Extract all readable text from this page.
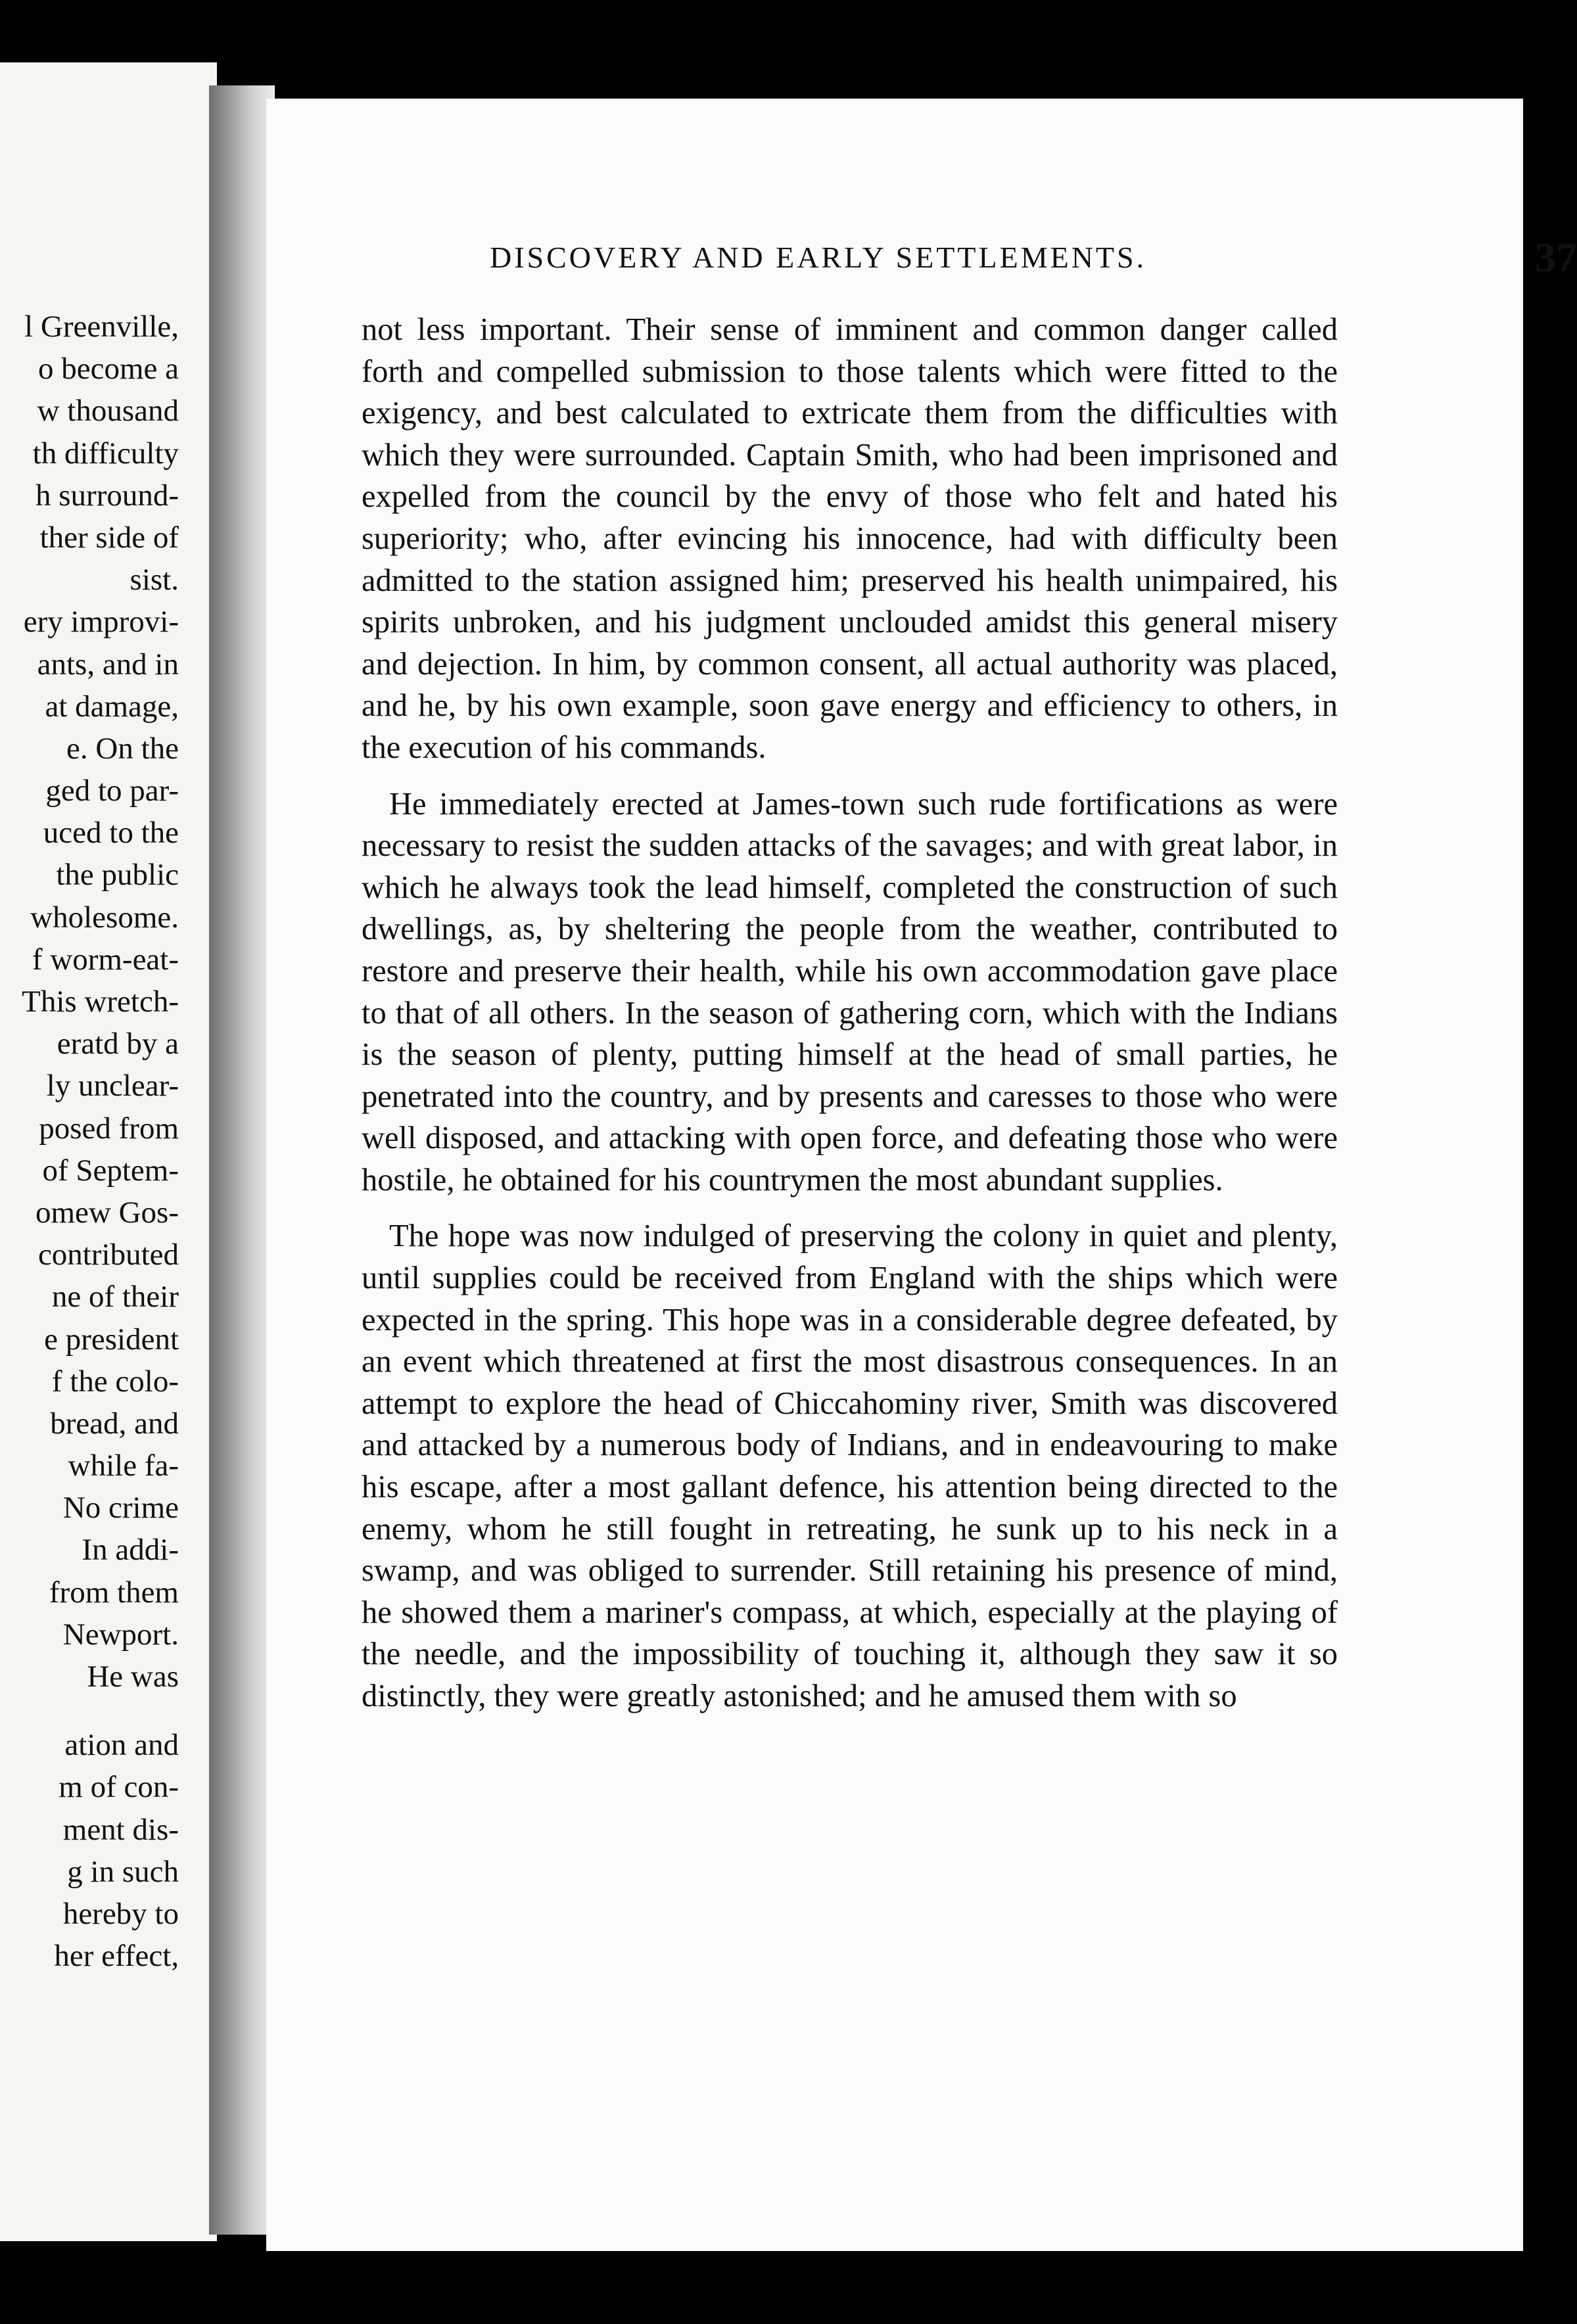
l Greenville,
o become a
w thousand
th difficulty
h surround-
ther side of
sist.
ery improvi-
ants, and in
at damage,
e. On the
ged to par-
uced to the
the public
wholesome.
f worm-eat-
This wretch-
eratd by a
ly unclear-
posed from
of Septem-
omew Gos-
contributed
ne of their
e president
f the colo-
bread, and
while fa-
No crime
In addi-
from them
Newport.
He was
ation and
m of con-
ment dis-
g in such
hereby to
her effect,
DISCOVERY AND EARLY SETTLEMENTS.	37

not less important. Their sense of imminent and common danger called forth and compelled submission to those talents which were fitted to the exigency, and best calculated to extricate them from the difficulties with which they were surrounded. Captain Smith, who had been imprisoned and expelled from the council by the envy of those who felt and hated his superiority; who, after evincing his innocence, had with difficulty been admitted to the station assigned him; preserved his health unimpaired, his spirits unbroken, and his judgment unclouded amidst this general misery and dejection. In him, by common consent, all actual authority was placed, and he, by his own example, soon gave energy and efficiency to others, in the execution of his commands.

He immediately erected at James-town such rude fortifications as were necessary to resist the sudden attacks of the savages; and with great labor, in which he always took the lead himself, completed the construction of such dwellings, as, by sheltering the people from the weather, contributed to restore and preserve their health, while his own accommodation gave place to that of all others. In the season of gathering corn, which with the Indians is the season of plenty, putting himself at the head of small parties, he penetrated into the country, and by presents and caresses to those who were well disposed, and attacking with open force, and defeating those who were hostile, he obtained for his countrymen the most abundant supplies.

The hope was now indulged of preserving the colony in quiet and plenty, until supplies could be received from England with the ships which were expected in the spring. This hope was in a considerable degree defeated, by an event which threatened at first the most disastrous consequences. In an attempt to explore the head of Chiccahominy river, Smith was discovered and attacked by a numerous body of Indians, and in endeavouring to make his escape, after a most gallant defence, his attention being directed to the enemy, whom he still fought in retreating, he sunk up to his neck in a swamp, and was obliged to surrender. Still retaining his presence of mind, he showed them a mariner's compass, at which, especially at the playing of the needle, and the impossibility of touching it, although they saw it so distinctly, they were greatly astonished; and he amused them with so
